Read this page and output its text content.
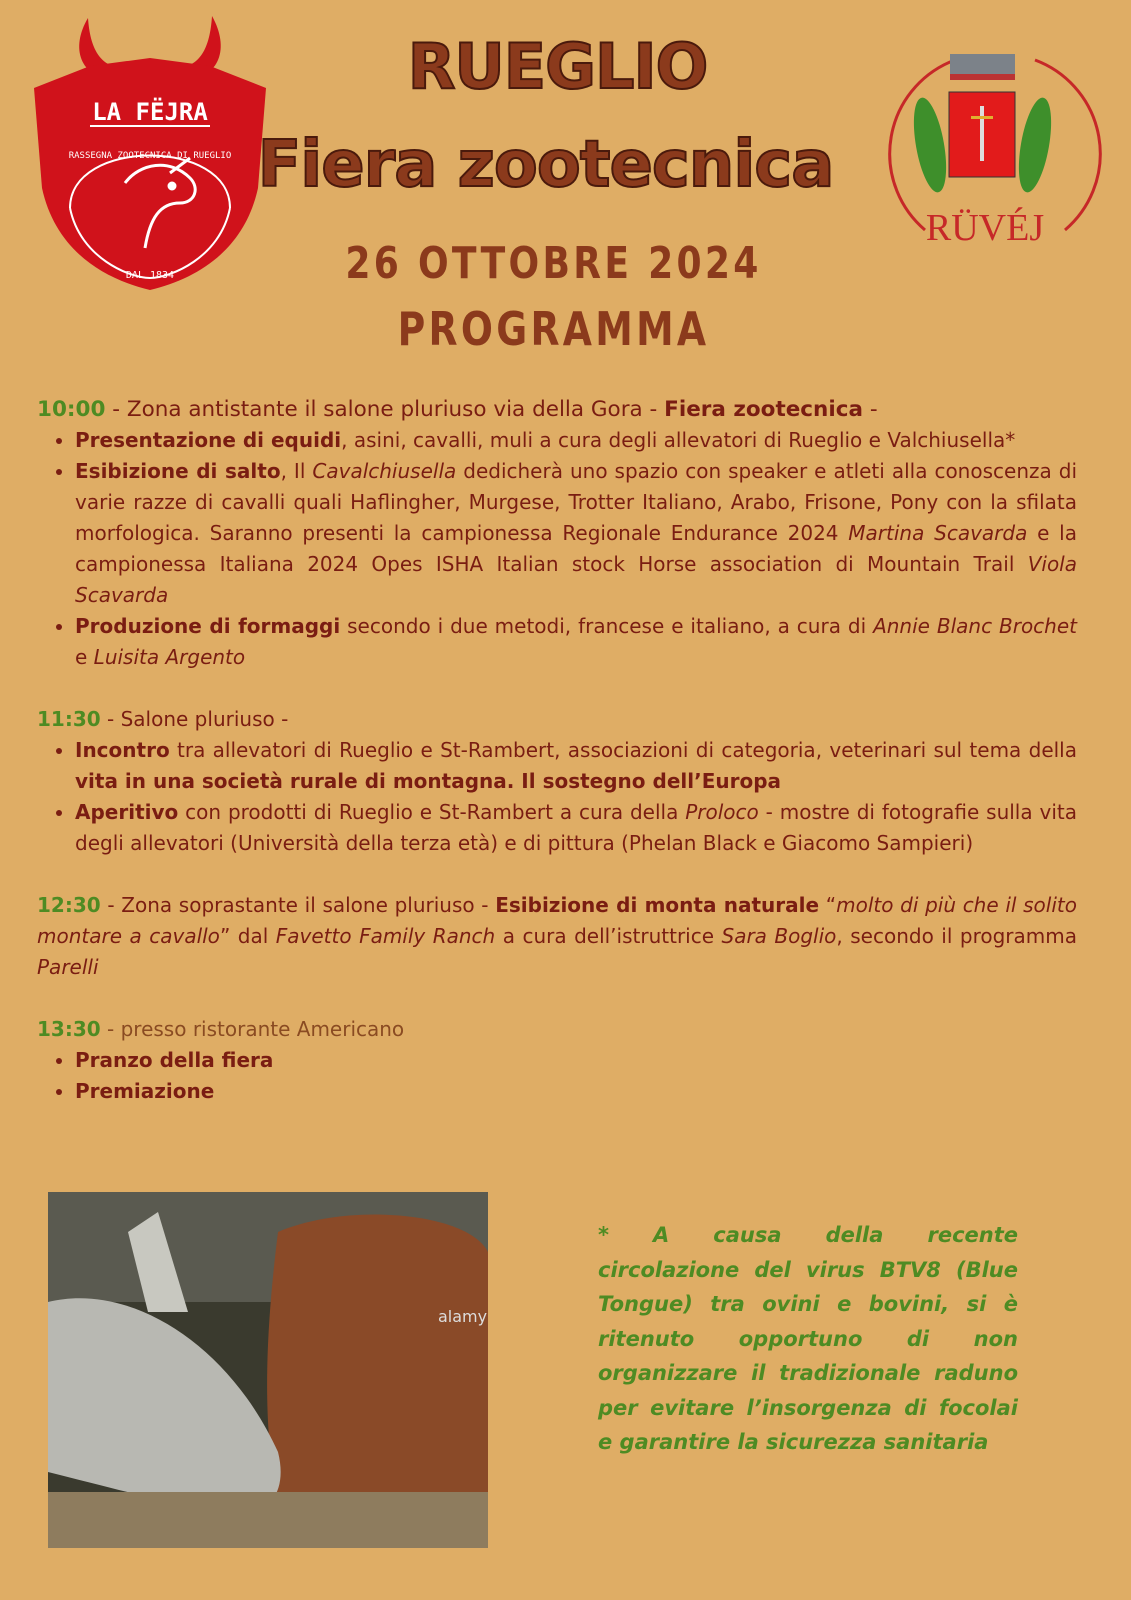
LA FËJRA
RASSEGNA ZOOTECNICA DI RUEGLIO
DAL 1834
RUEGLIO
Fiera zootecnica
26 OTTOBRE 2024
PROGRAMMA
RÜVÉJ

10:00 - Zona antistante il salone pluriuso via della Gora - Fiera zootecnica -

• Presentazione di equidi, asini, cavalli, muli a cura degli allevatori di Rueglio e Valchiusella*
• Esibizione di salto, Il Cavalchiusella dedicherà uno spazio con speaker e atleti alla conoscenza di varie razze di cavalli quali Haflingher, Murgese, Trotter Italiano, Arabo, Frisone, Pony con la sfilata morfologica. Saranno presenti la campionessa Regionale Endurance 2024 Martina Scavarda e la campionessa Italiana 2024 Opes ISHA Italian stock Horse association di Mountain Trail Viola Scavarda
• Produzione di formaggi secondo i due metodi, francese e italiano, a cura di Annie Blanc Brochet e Luisita Argento

11:30 - Salone pluriuso -

• Incontro tra allevatori di Rueglio e St-Rambert, associazioni di categoria, veterinari sul tema della vita in una società rurale di montagna. Il sostegno dell’Europa
• Aperitivo con prodotti di Rueglio e St-Rambert a cura della Proloco - mostre di fotografie sulla vita degli allevatori (Università della terza età) e di pittura (Phelan Black e Giacomo Sampieri)

12:30 - Zona soprastante il salone pluriuso - Esibizione di monta naturale “molto di più che il solito montare a cavallo” dal Favetto Family Ranch a cura dell’istruttrice Sara Boglio, secondo il programma Parelli

13:30 - presso ristorante Americano

• Pranzo della fiera
• Premiazione
alamy
* A causa della recente circolazione del virus BTV8 (Blue Tongue) tra ovini e bovini, si è ritenuto opportuno di non organizzare il tradizionale raduno per evitare l’insorgenza di focolai e garantire la sicurezza sanitaria
